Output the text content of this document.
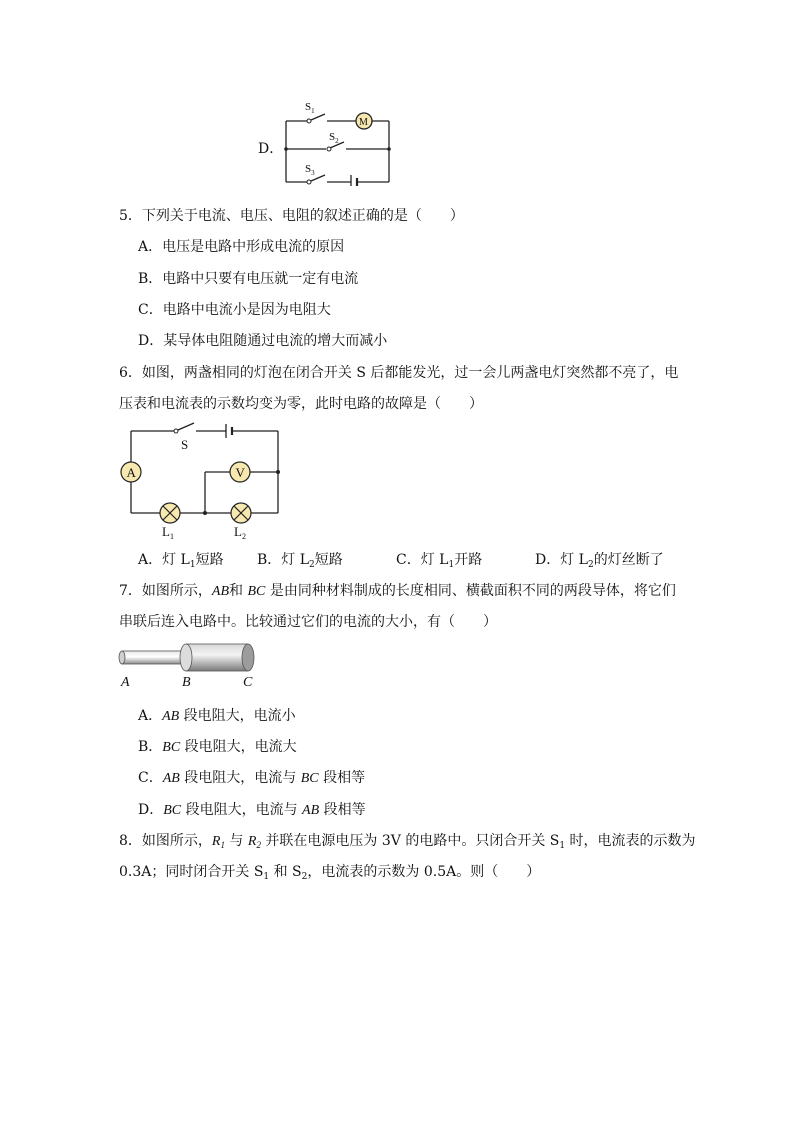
D．
$S_1$
$S_2$
$S_3$
M
5．下列关于电流、电压、电阻的叙述正确的是（　　）
A．电压是电路中形成电流的原因
B．电路中只要有电压就一定有电流
C．电路中电流小是因为电阻大
D．某导体电阻随通过电流的增大而减小
6．如图，两盏相同的灯泡在闭合开关 S 后都能发光，过一会儿两盏电灯突然都不亮了，电
压表和电流表的示数均变为零，此时电路的故障是（　　）
A	V
S
$L_1$	$L_2$
A．灯 $L_1$短路 B．灯 $L_2$短路	C．灯 $L_1$开路	D．灯 $L_2$的灯丝断了
7．如图所示，AB和 BC 是由同种材料制成的长度相同、横截面积不同的两段导体，将它们
串联后连入电路中。比较通过它们的电流的大小，有（　　）
A	B	C
A．AB 段电阻大，电流小
B．BC 段电阻大，电流大
C．AB 段电阻大，电流与 BC 段相等
D．BC 段电阻大，电流与 AB 段相等
8．如图所示，$R_1$ 与 $R_2$ 并联在电源电压为 3V 的电路中。只闭合开关 $S_1$ 时，电流表的示数为
0.3A；同时闭合开关 $S_1$ 和 $S_2$，电流表的示数为 0.5A。则（　　）
